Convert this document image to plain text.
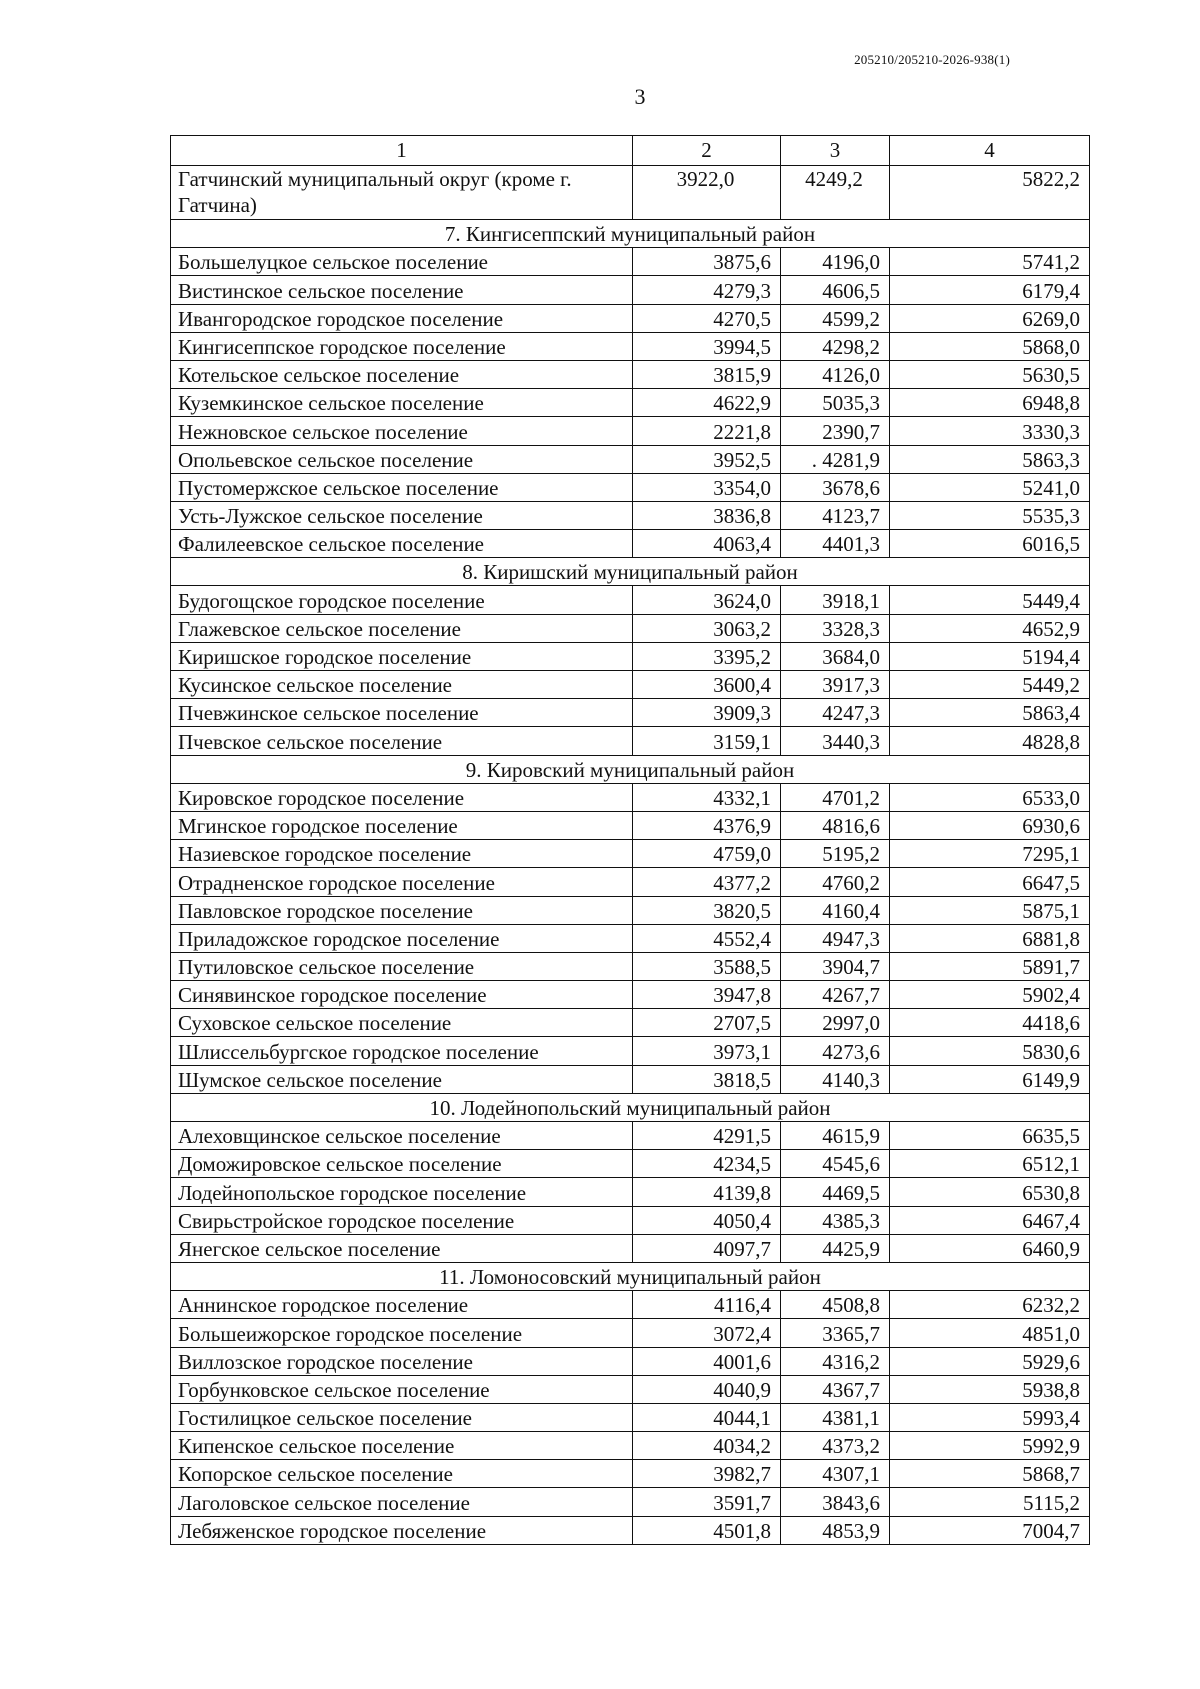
205210/205210-2026-938(1)
3
1	2	3	4
Гатчинский муниципальный округ (кроме г. Гатчина)	3922,0	4249,2	5822,2
7. Кингисеппский муниципальный район			
Большелуцкое сельское поселение	3875,6	4196,0	5741,2
Вистинское сельское поселение	4279,3	4606,5	6179,4
Ивангородское городское поселение	4270,5	4599,2	6269,0
Кингисеппское городское поселение	3994,5	4298,2	5868,0
Котельское сельское поселение	3815,9	4126,0	5630,5
Куземкинское сельское поселение	4622,9	5035,3	6948,8
Нежновское сельское поселение	2221,8	2390,7	3330,3
Опольевское сельское поселение	3952,5	. 4281,9	5863,3
Пустомержское сельское поселение	3354,0	3678,6	5241,0
Усть-Лужское сельское поселение	3836,8	4123,7	5535,3
Фалилеевское сельское поселение	4063,4	4401,3	6016,5
8. Киришский муниципальный район			
Будогощское городское поселение	3624,0	3918,1	5449,4
Глажевское сельское поселение	3063,2	3328,3	4652,9
Киришское городское поселение	3395,2	3684,0	5194,4
Кусинское сельское поселение	3600,4	3917,3	5449,2
Пчевжинское сельское поселение	3909,3	4247,3	5863,4
Пчевское сельское поселение	3159,1	3440,3	4828,8
9. Кировский муниципальный район			
Кировское городское поселение	4332,1	4701,2	6533,0
Мгинское городское поселение	4376,9	4816,6	6930,6
Назиевское городское поселение	4759,0	5195,2	7295,1
Отрадненское городское поселение	4377,2	4760,2	6647,5
Павловское городское поселение	3820,5	4160,4	5875,1
Приладожское городское поселение	4552,4	4947,3	6881,8
Путиловское сельское поселение	3588,5	3904,7	5891,7
Синявинское городское поселение	3947,8	4267,7	5902,4
Суховское сельское поселение	2707,5	2997,0	4418,6
Шлиссельбургское городское поселение	3973,1	4273,6	5830,6
Шумское сельское поселение	3818,5	4140,3	6149,9
10. Лодейнопольский муниципальный район			
Алеховщинское сельское поселение	4291,5	4615,9	6635,5
Доможировское сельское поселение	4234,5	4545,6	6512,1
Лодейнопольское городское поселение	4139,8	4469,5	6530,8
Свирьстройское городское поселение	4050,4	4385,3	6467,4
Янегское сельское поселение	4097,7	4425,9	6460,9
11. Ломоносовский муниципальный район			
Аннинское городское поселение	4116,4	4508,8	6232,2
Большеижорское городское поселение	3072,4	3365,7	4851,0
Виллозское городское поселение	4001,6	4316,2	5929,6
Горбунковское сельское поселение	4040,9	4367,7	5938,8
Гостилицкое сельское поселение	4044,1	4381,1	5993,4
Кипенское сельское поселение	4034,2	4373,2	5992,9
Копорское сельское поселение	3982,7	4307,1	5868,7
Лаголовское сельское поселение	3591,7	3843,6	5115,2
Лебяженское городское поселение	4501,8	4853,9	7004,7
